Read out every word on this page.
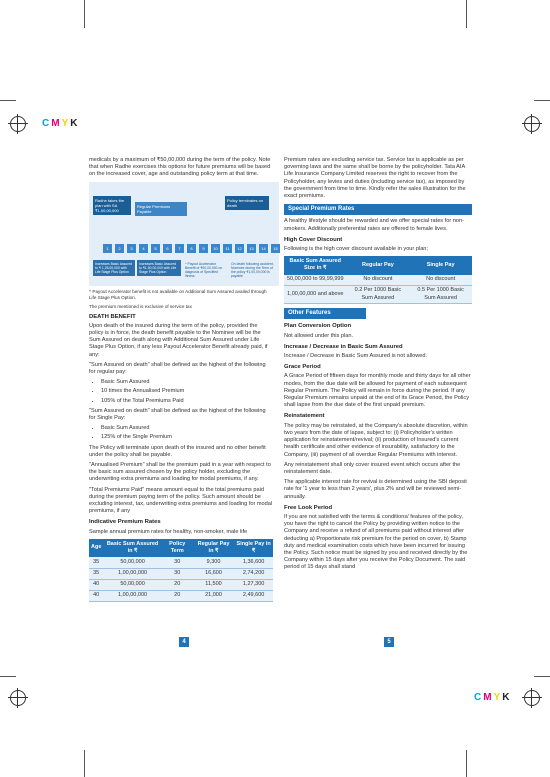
CMYK
CMYK

medicals by a maximum of ₹50,00,000 during the term of the policy. Note that when Radhe exercises this options for future premiums will be based on the increased cover, age and outstanding policy term at that time.

Radhe takes the plan with SA ₹1,00,00,000
Regular Premiums Payable
Policy terminates on death
1	2	3	4	5	6	7	8	9	10	11	12	13	14	15
Increases Basic Assured to ₹ 1,25,00,000 with Life Stage Plus Option
Increases Basic Assured to ₹1,50,00,000 with Life Stage Plus Option
^ Payout Accelerator Benefit of ₹50,00,000 on diagnosis of Specified Illness
On death following accident, Nominee during the Term of the policy ₹1,00,00,000 is payable

^ Payout Accelerator benefit is not available on Additional Sum Assured availed through Life Stage Plus Option.

The premium mentioned is exclusive of service tax

DEATH BENEFIT

Upon death of the insured during the term of the policy, provided the policy is in force, the death benefit payable to the Nominee will be the Sum Assured on death along with Additional Sum Assured under Life Stage Plus Option, if any less Payout Accelerator Benefit already paid, if any:

"Sum Assured on death" shall be defined as the highest of the following for regular pay:

• Basic Sum Assured
• 10 times the Annualised Premium
• 105% of the Total Premiums Paid

"Sum Assured on death" shall be defined as the highest of the following for Single Pay:

• Basic Sum Assured
• 125% of the Single Premium

The Policy will terminate upon death of the insured and no other benefit under the policy shall be payable.

"Annualised Premium" shall be the premium paid in a year with respect to the basic sum assured chosen by the policy holder, excluding the underwriting extra premiums and loading for modal premiums, if any.

"Total Premiums Paid" means amount equal to the total premiums paid during the premium paying term of the policy. Such amount should be excluding interest, tax, underwriting extra premiums and loading for modal premiums, if any

Indicative Premium Rates

Sample annual premium rates for healthy, non-smoker, male life

Age	Basic Sum Assured in ₹	Policy Term	Regular Pay in ₹	Single Pay in ₹
35	50,00,000	30	9,300	1,36,600
35	1,00,00,000	30	16,600	2,74,200
40	50,00,000	20	11,500	1,27,300
40	1,00,00,000	20	21,000	2,49,600
4

Premium rates are excluding service tax. Service tax is applicable as per governing laws and the same shall be borne by the policyholder. Tata AIA Life Insurance Company Limited reserves the right to recover from the Policyholder, any levies and duties (including service tax), as imposed by the government from time to time. Kindly refer the sales illustration for the exact premiums.

Special Premium Rates

A healthy lifestyle should be rewarded and we offer special rates for non-smokers. Additionally preferential rates are offered to female lives.

High Cover Discount

Following is the high cover discount available in your plan;

Basic Sum Assured Size in ₹	Regular Pay	Single Pay
50,00,000 to 99,99,999	No discount	No discount
1,00,00,000 and above	0.2 Per 1000 Basic Sum Assured	0.5 Per 1000 Basic Sum Assured
Other Features
Plan Conversion Option

Not allowed under this plan.

Increase / Decrease in Basic Sum Assured

Increase / Decrease in Basic Sum Assured is not allowed.

Grace Period

A Grace Period of fifteen days for monthly mode and thirty days for all other modes, from the due date will be allowed for payment of each subsequent Regular Premium. The Policy will remain in force during the period. If any Regular Premium remains unpaid at the end of its Grace Period, the Policy shall lapse from the due date of the first unpaid premium.

Reinstatement

The policy may be reinstated, at the Company's absolute discretion, within two years from the date of lapse, subject to: (i) Policyholder's written application for reinstatement/revival; (ii) production of Insured's current health certificate and other evidence of insurability, satisfactory to the Company, (iii) payment of all overdue Regular Premiums with interest.

Any reinstatement shall only cover insured event which occurs after the reinstatement date.

The applicable interest rate for revival is determined using the SBI deposit rate for '1 year to less than 2 years', plus 2% and will be reviewed semi-annually.

Free Look Period

If you are not satisfied with the terms & conditions/ features of the policy, you have the right to cancel the Policy by providing written notice to the Company and receive a refund of all premiums paid without interest after deducting a) Proportionate risk premium for the period on cover, b) Stamp duty and medical examination costs which have been incurred for issuing the Policy. Such notice must be signed by you and received directly by the Company within 15 days after you receive the Policy Document. The said period of 15 days shall stand

5
